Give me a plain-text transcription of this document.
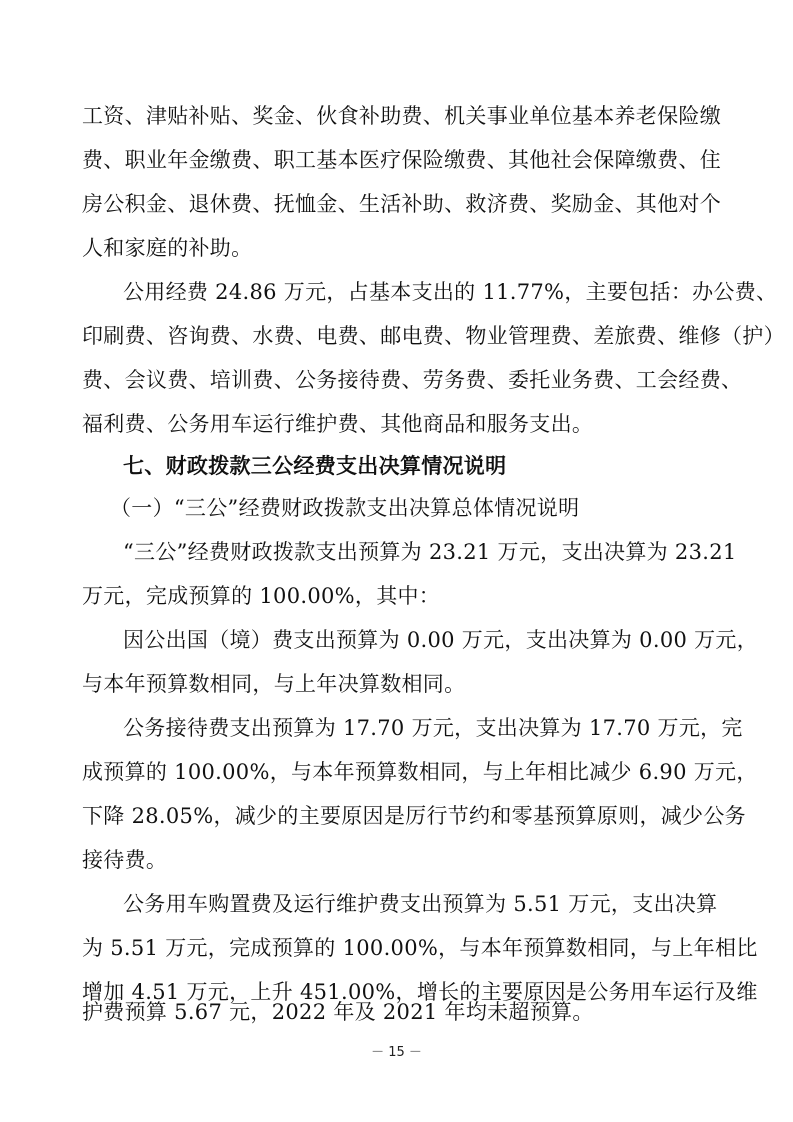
工资、津贴补贴、奖金、伙食补助费、机关事业单位基本养老保险缴
费、职业年金缴费、职工基本医疗保险缴费、其他社会保障缴费、住
房公积金、退休费、抚恤金、生活补助、救济费、奖励金、其他对个
人和家庭的补助。
公用经费 24.86 万元，占基本支出的 11.77%，主要包括：办公费、
印刷费、咨询费、水费、电费、邮电费、物业管理费、差旅费、维修（护）
费、会议费、培训费、公务接待费、劳务费、委托业务费、工会经费、
福利费、公务用车运行维护费、其他商品和服务支出。
七、财政拨款三公经费支出决算情况说明
（一）“三公”经费财政拨款支出决算总体情况说明
“三公”经费财政拨款支出预算为 23.21 万元，支出决算为 23.21
万元，完成预算的 100.00%，其中：
因公出国（境）费支出预算为 0.00 万元，支出决算为 0.00 万元，
与本年预算数相同，与上年决算数相同。
公务接待费支出预算为 17.70 万元，支出决算为 17.70 万元，完
成预算的 100.00%，与本年预算数相同，与上年相比减少 6.90 万元，
下降 28.05%，减少的主要原因是厉行节约和零基预算原则，减少公务
接待费。
公务用车购置费及运行维护费支出预算为 5.51 万元，支出决算
为 5.51 万元，完成预算的 100.00%，与本年预算数相同，与上年相比
增加 4.51 万元，上升 451.00%，增长的主要原因是公务用车运行及维
护费预算 5.67 元，2022 年及 2021 年均未超预算。
－ 15 －
